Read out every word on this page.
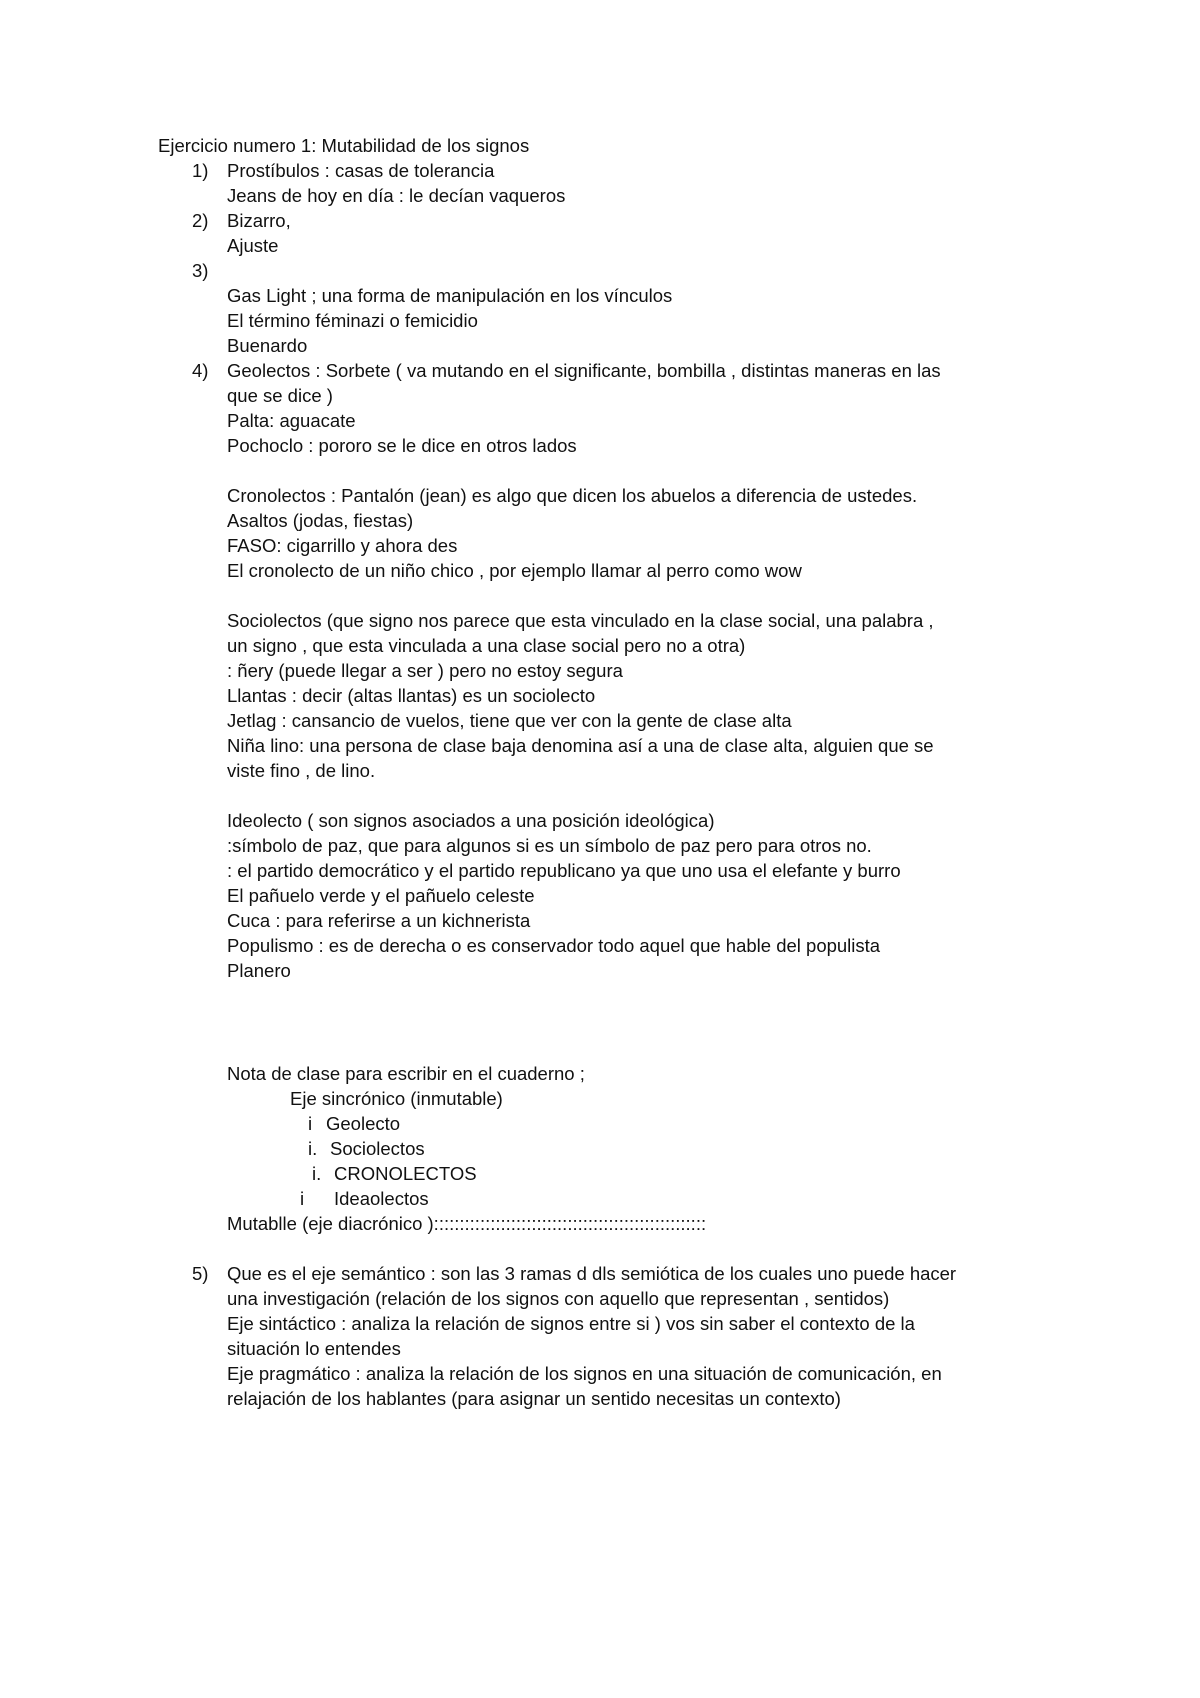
Ejercicio numero 1: Mutabilidad de los signos
1) Prostíbulos : casas de tolerancia
Jeans de hoy en día : le decían vaqueros
2) Bizarro,
Ajuste
3)
Gas Light ; una forma de manipulación en los vínculos
El término féminazi o femicidio
Buenardo
4) Geolectos : Sorbete ( va mutando en el significante, bombilla , distintas maneras en las
que se dice )
Palta: aguacate
Pochoclo : pororo se le dice en otros lados
Cronolectos : Pantalón (jean) es algo que dicen los abuelos a diferencia de ustedes.
Asaltos (jodas, fiestas)
FASO: cigarrillo y ahora des
El cronolecto de un niño chico , por ejemplo llamar al perro como wow
Sociolectos (que signo nos parece que esta vinculado en la clase social, una palabra ,
un signo , que esta vinculada a una clase social pero no a otra)
: ñery (puede llegar a ser ) pero no estoy segura
Llantas : decir (altas llantas) es un sociolecto
Jetlag : cansancio de vuelos, tiene que ver con la gente de clase alta
Niña lino: una persona de clase baja denomina así a una de clase alta, alguien que se
viste fino , de lino.
Ideolecto ( son signos asociados a una posición ideológica)
:símbolo de paz, que para algunos si es un símbolo de paz pero para otros no.
: el partido democrático y el partido republicano ya que uno usa el elefante y burro
El pañuelo verde y el pañuelo celeste
Cuca : para referirse a un kichnerista
Populismo : es de derecha o es conservador todo aquel que hable del populista
Planero
Nota de clase para escribir en el cuaderno ;
Eje sincrónico (inmutable)
i Geolecto
i. Sociolectos
i. CRONOLECTOS
i Ideaolectos
Mutablle (eje diacrónico ):::::::::::::::::::::::::::::::::::::::::::::::::::::
5) Que es el eje semántico : son las 3 ramas d dls semiótica de los cuales uno puede hacer
una investigación (relación de los signos con aquello que representan , sentidos)
Eje sintáctico : analiza la relación de signos entre si ) vos sin saber el contexto de la
situación lo entendes
Eje pragmático : analiza la relación de los signos en una situación de comunicación, en
relajación de los hablantes (para asignar un sentido necesitas un contexto)
